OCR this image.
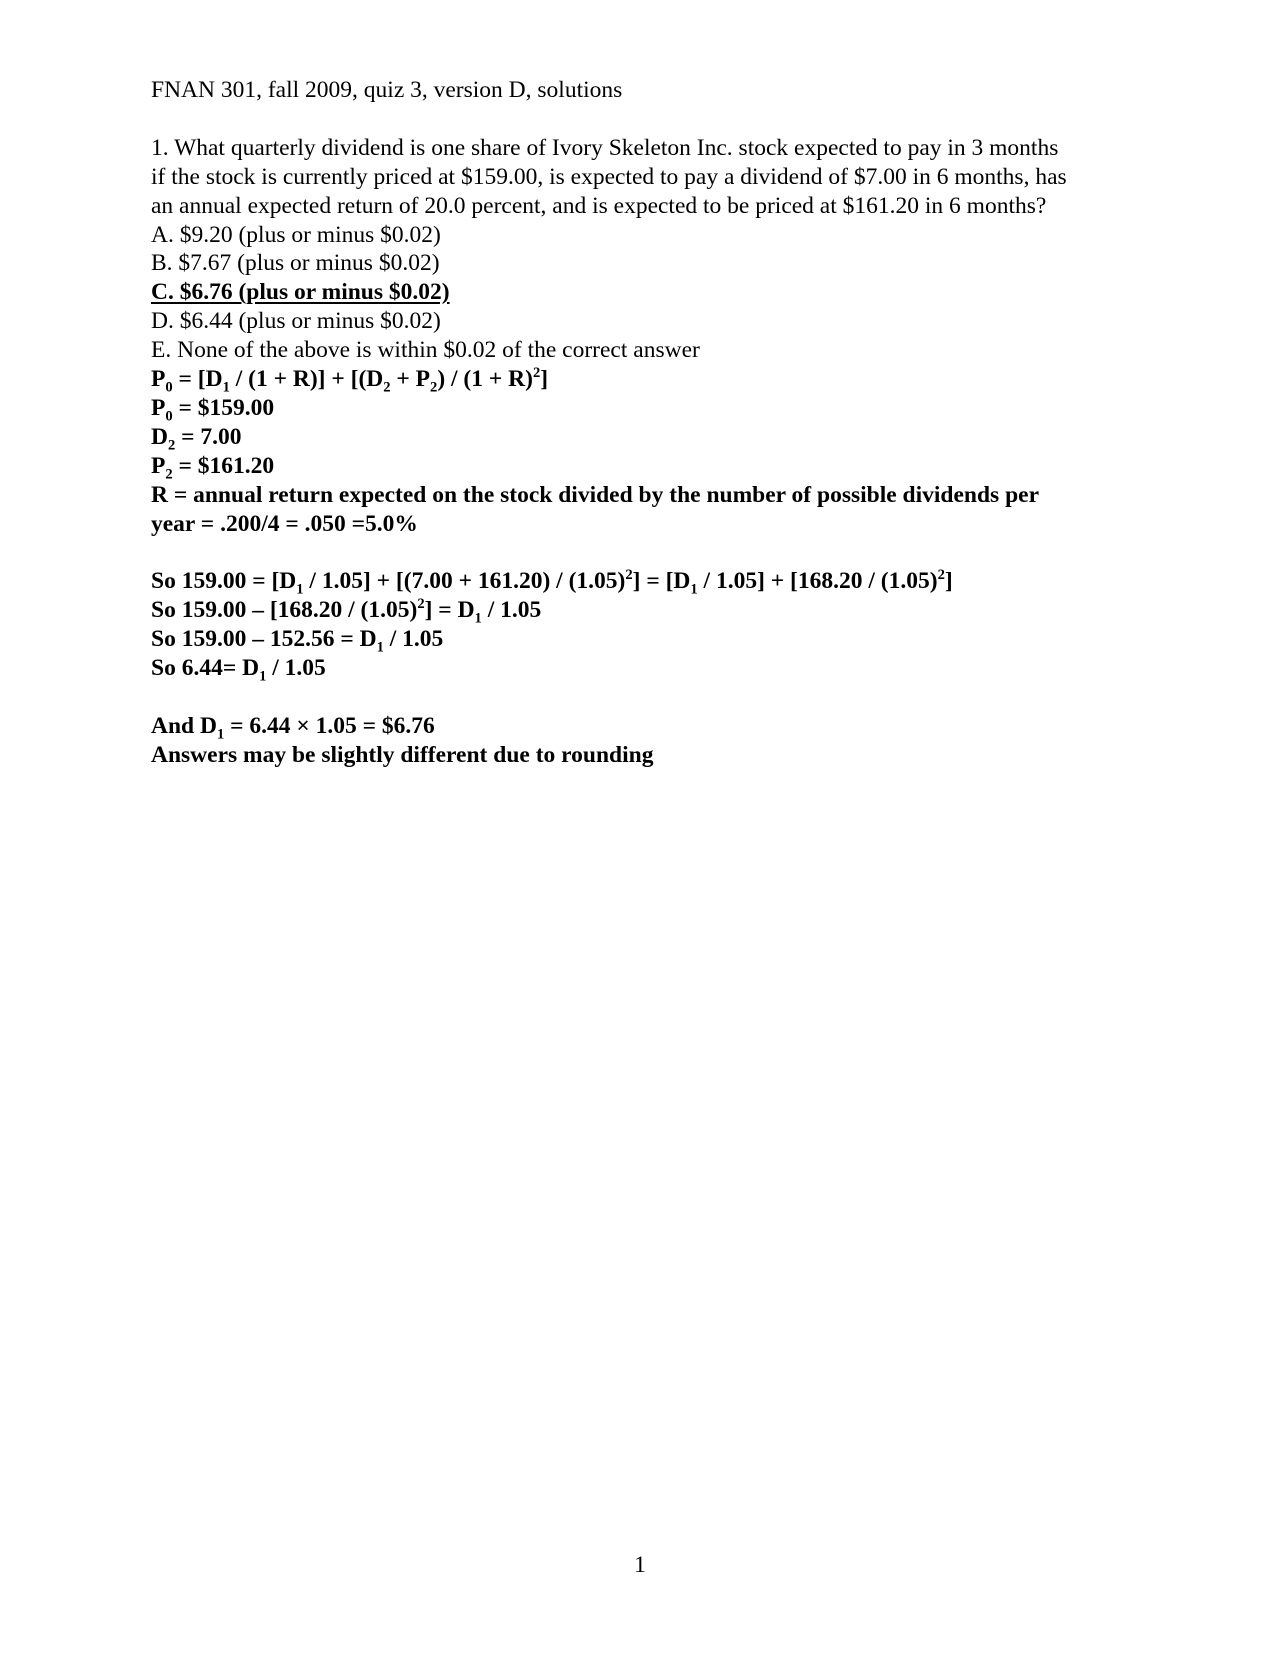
FNAN 301, fall 2009, quiz 3, version D, solutions

1. What quarterly dividend is one share of Ivory Skeleton Inc. stock expected to pay in 3 months

if the stock is currently priced at $159.00, is expected to pay a dividend of $7.00 in 6 months, has

an annual expected return of 20.0 percent, and is expected to be priced at $161.20 in 6 months?

A. $9.20 (plus or minus $0.02)

B. $7.67 (plus or minus $0.02)

C. $6.76 (plus or minus $0.02)

D. $6.44 (plus or minus $0.02)

E. None of the above is within $0.02 of the correct answer

$P_0 = [D_1 / (1 + R)] + [(D_2 + P_2) / (1 + R)^2]$

$P_0$ = $159.00

$D_2 = 7.00$

$P_2$ = $161.20

R = annual return expected on the stock divided by the number of possible dividends per

year = .200/4 = .050 =5.0%

So $159.00 = [D_1 / 1.05] + [(7.00 + 161.20) / (1.05)^2] = [D_1 / 1.05] + [168.20 / (1.05)^2]$

So $159.00 - [168.20 / (1.05)^2] = D_1 / 1.05$

So $159.00 - 152.56 = D_1 / 1.05$

So $6.44= D_1 / 1.05$

And $D_1 = 6.44 \times 1.05$ = $6.76

Answers may be slightly different due to rounding

1
